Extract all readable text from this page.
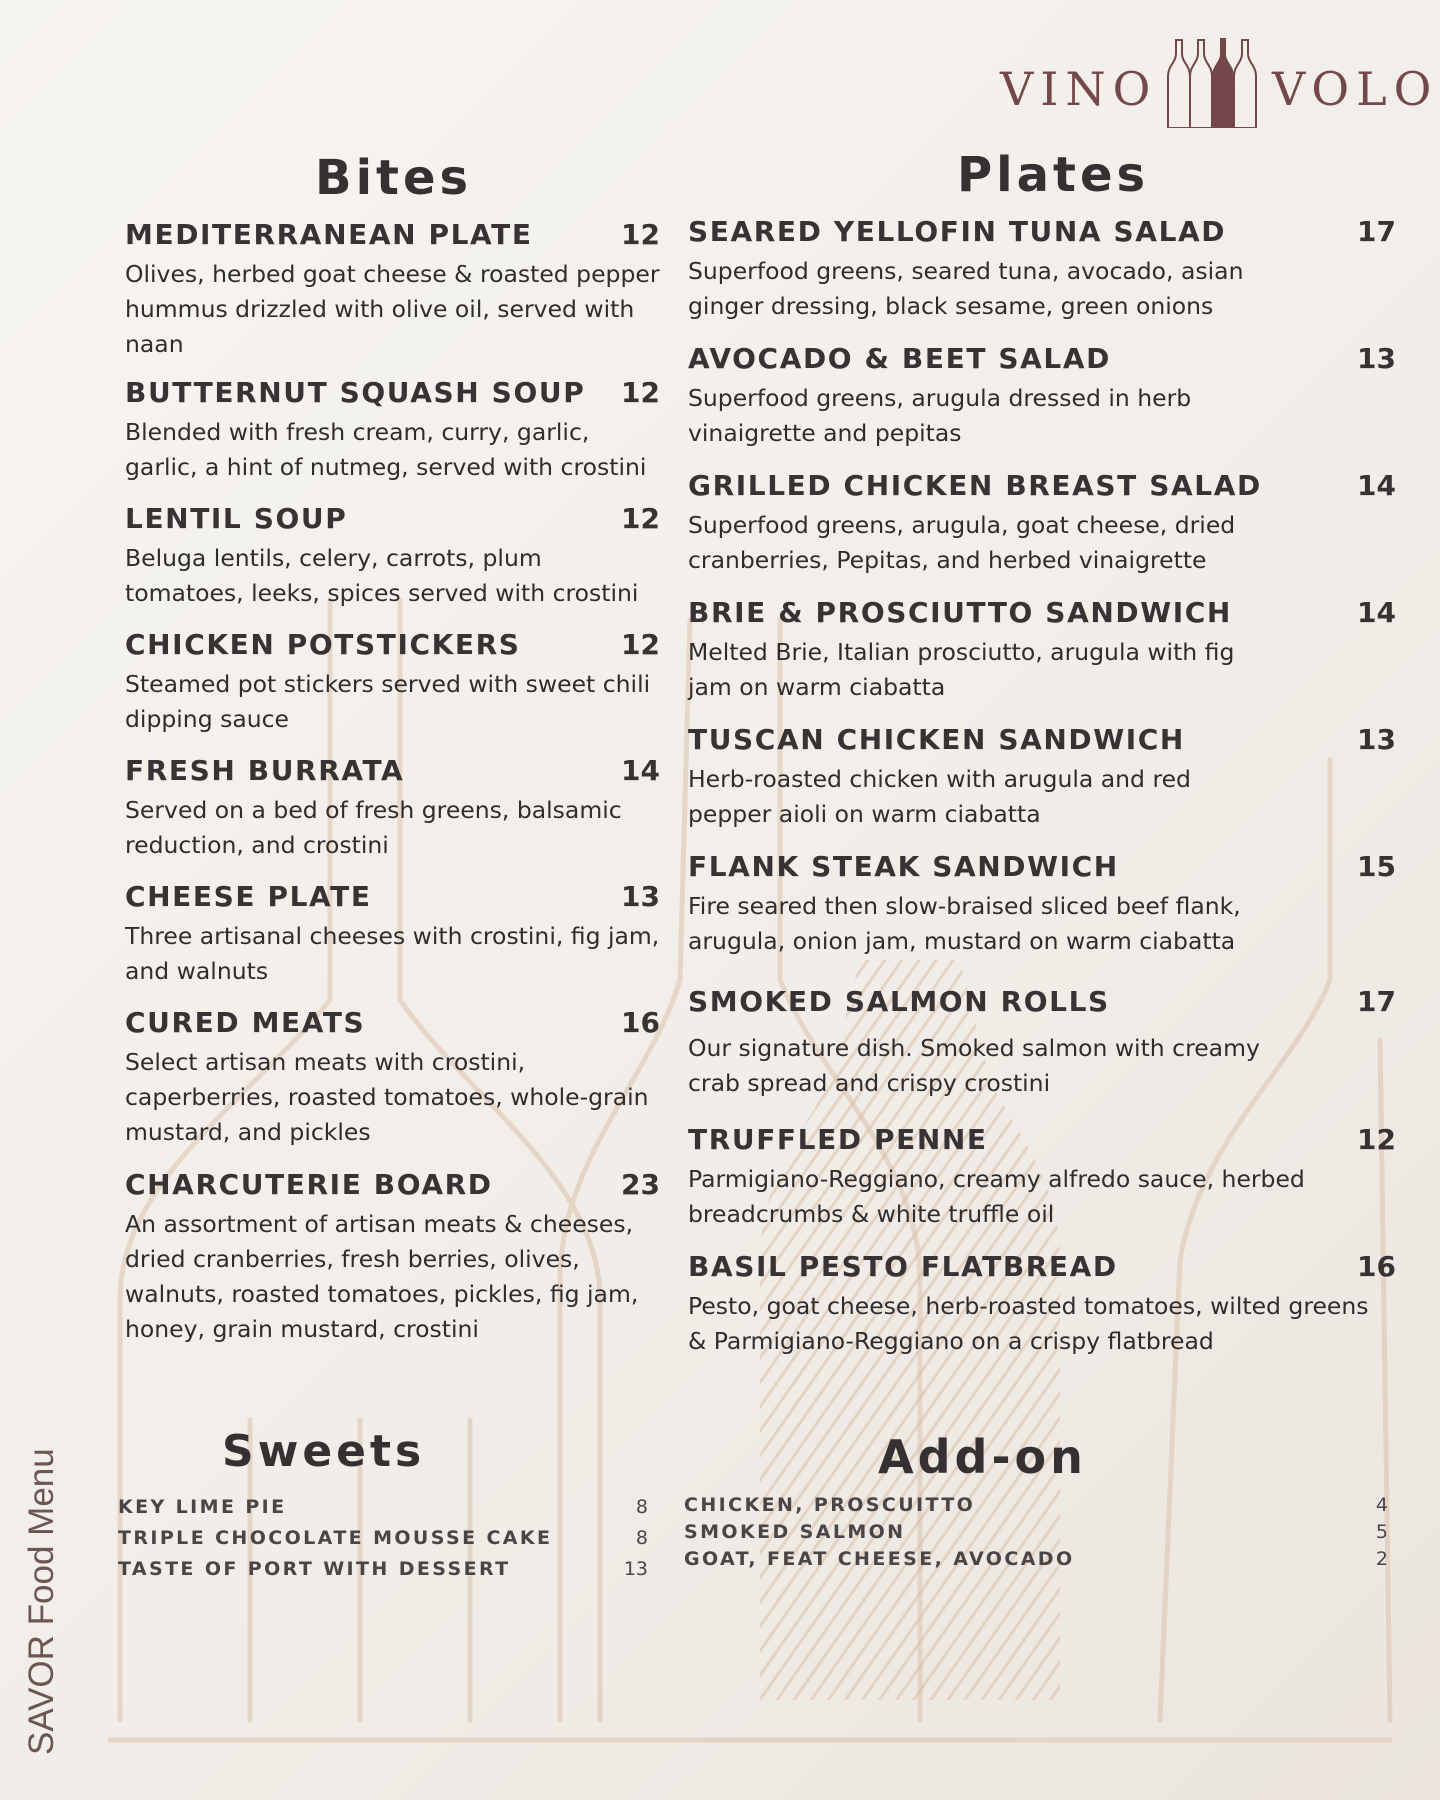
VINO VOLO
Bites
MEDITERRANEAN PLATE	12
Olives, herbed goat cheese & roasted pepper hummus drizzled with olive oil, served with naan
BUTTERNUT SQUASH SOUP 12
Blended with fresh cream, curry, garlic, garlic, a hint of nutmeg, served with crostini
LENTIL SOUP	12
Beluga lentils, celery, carrots, plum tomatoes, leeks, spices served with crostini
CHICKEN POTSTICKERS	12
Steamed pot stickers served with sweet chili dipping sauce
FRESH BURRATA	14
Served on a bed of fresh greens, balsamic reduction, and crostini
CHEESE PLATE	13
Three artisanal cheeses with crostini, fig jam, and walnuts
CURED MEATS	16
Select artisan meats with crostini, caperberries, roasted tomatoes, whole-grain mustard, and pickles
CHARCUTERIE BOARD	23
An assortment of artisan meats & cheeses, dried cranberries, fresh berries, olives, walnuts, roasted tomatoes, pickles, fig jam, honey, grain mustard, crostini
Plates
SEARED YELLOFIN TUNA SALAD	17
Superfood greens, seared tuna, avocado, asian ginger dressing, black sesame, green onions
AVOCADO & BEET SALAD	13
Superfood greens, arugula dressed in herb vinaigrette and pepitas
GRILLED CHICKEN BREAST SALAD	14
Superfood greens, arugula, goat cheese, dried cranberries, Pepitas, and herbed vinaigrette
BRIE & PROSCIUTTO SANDWICH	14
Melted Brie, Italian prosciutto, arugula with fig jam on warm ciabatta
TUSCAN CHICKEN SANDWICH	13
Herb-roasted chicken with arugula and red pepper aioli on warm ciabatta
FLANK STEAK SANDWICH	15
Fire seared then slow-braised sliced beef flank, arugula, onion jam, mustard on warm ciabatta
SMOKED SALMON ROLLS	17
Our signature dish. Smoked salmon with creamy crab spread and crispy crostini
TRUFFLED PENNE	12
Parmigiano-Reggiano, creamy alfredo sauce, herbed breadcrumbs & white truffle oil
BASIL PESTO FLATBREAD	16
Pesto, goat cheese, herb-roasted tomatoes, wilted greens & Parmigiano-Reggiano on a crispy flatbread
Sweets
KEY LIME PIE	8
TRIPLE CHOCOLATE MOUSSE CAKE	8
TASTE OF PORT WITH DESSERT	13
Add-on
CHICKEN, PROSCUITTO	4
SMOKED SALMON	5
GOAT, FEAT CHEESE, AVOCADO	2
SAVOR Food Menu
